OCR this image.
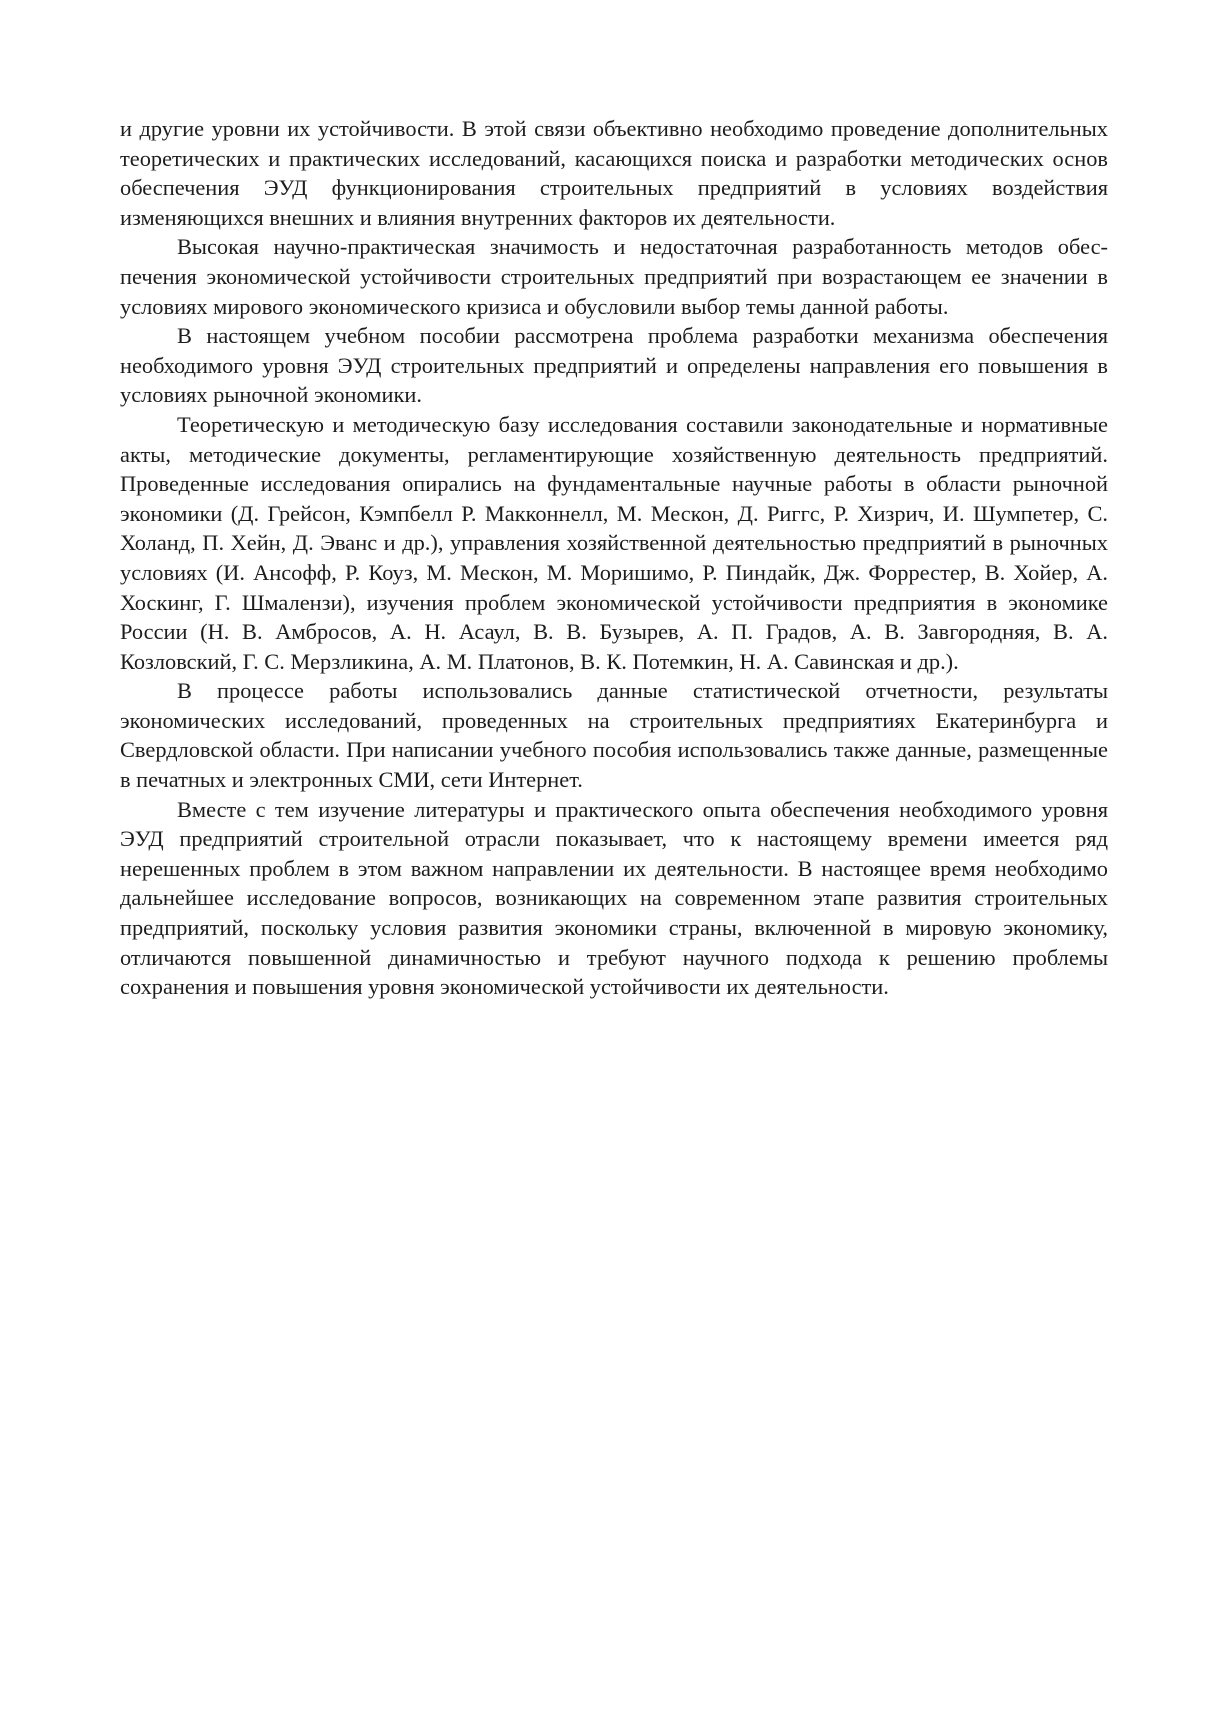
и другие уровни их устойчивости. В этой связи объективно необходимо проведение дополнительных теоретических и практических исследований, касающихся поиска и разработки методических основ обеспечения ЭУД функционирования строительных предприятий в условиях воздействия изменяющихся внешних и влияния внутренних факторов их деятельности.

Высокая научно-практическая значимость и недостаточная разработанность методов обеспечения экономической устойчивости строительных предприятий при возрастающем ее значении в условиях мирового экономического кризиса и обусловили выбор темы данной работы.

В настоящем учебном пособии рассмотрена проблема разработки механизма обеспечения необходимого уровня ЭУД строительных предприятий и определены направления его повышения в условиях рыночной экономики.

Теоретическую и методическую базу исследования составили законодательные и нормативные акты, методические документы, регламентирующие хозяйственную деятельность предприятий. Проведенные исследования опирались на фундаментальные научные работы в области рыночной экономики (Д. Грейсон, Кэмпбелл Р. Макконнелл, М. Мескон, Д. Риггс, Р. Хизрич, И. Шумпетер, С. Холанд, П. Хейн, Д. Эванс и др.), управления хозяйственной деятельностью предприятий в рыночных условиях (И. Ансофф, Р. Коуз, М. Мескон, М. Моришимо, Р. Пиндайк, Дж. Форрестер, В. Хойер, А. Хоскинг, Г. Шмалензи), изучения проблем экономической устойчивости предприятия в экономике России (Н. В. Амбросов, А. Н. Асаул, В. В. Бузырев, А. П. Градов, А. В. Завгородняя, В. А. Козловский, Г. С. Мерзликина, А. М. Платонов, В. К. Потемкин, Н. А. Савинская и др.).

В процессе работы использовались данные статистической отчетности, результаты экономических исследований, проведенных на строительных предприятиях Екатеринбурга и Свердловской области. При написании учебного пособия использовались также данные, размещенные в печатных и электронных СМИ, сети Интернет.

Вместе с тем изучение литературы и практического опыта обеспечения необходимого уровня ЭУД предприятий строительной отрасли показывает, что к настоящему времени имеется ряд нерешенных проблем в этом важном направлении их деятельности. В настоящее время необходимо дальнейшее исследование вопросов, возникающих на современном этапе развития строительных предприятий, поскольку условия развития экономики страны, включенной в мировую экономику, отличаются повышенной динамичностью и требуют научного подхода к решению проблемы сохранения и повышения уровня экономической устойчивости их деятельности.
